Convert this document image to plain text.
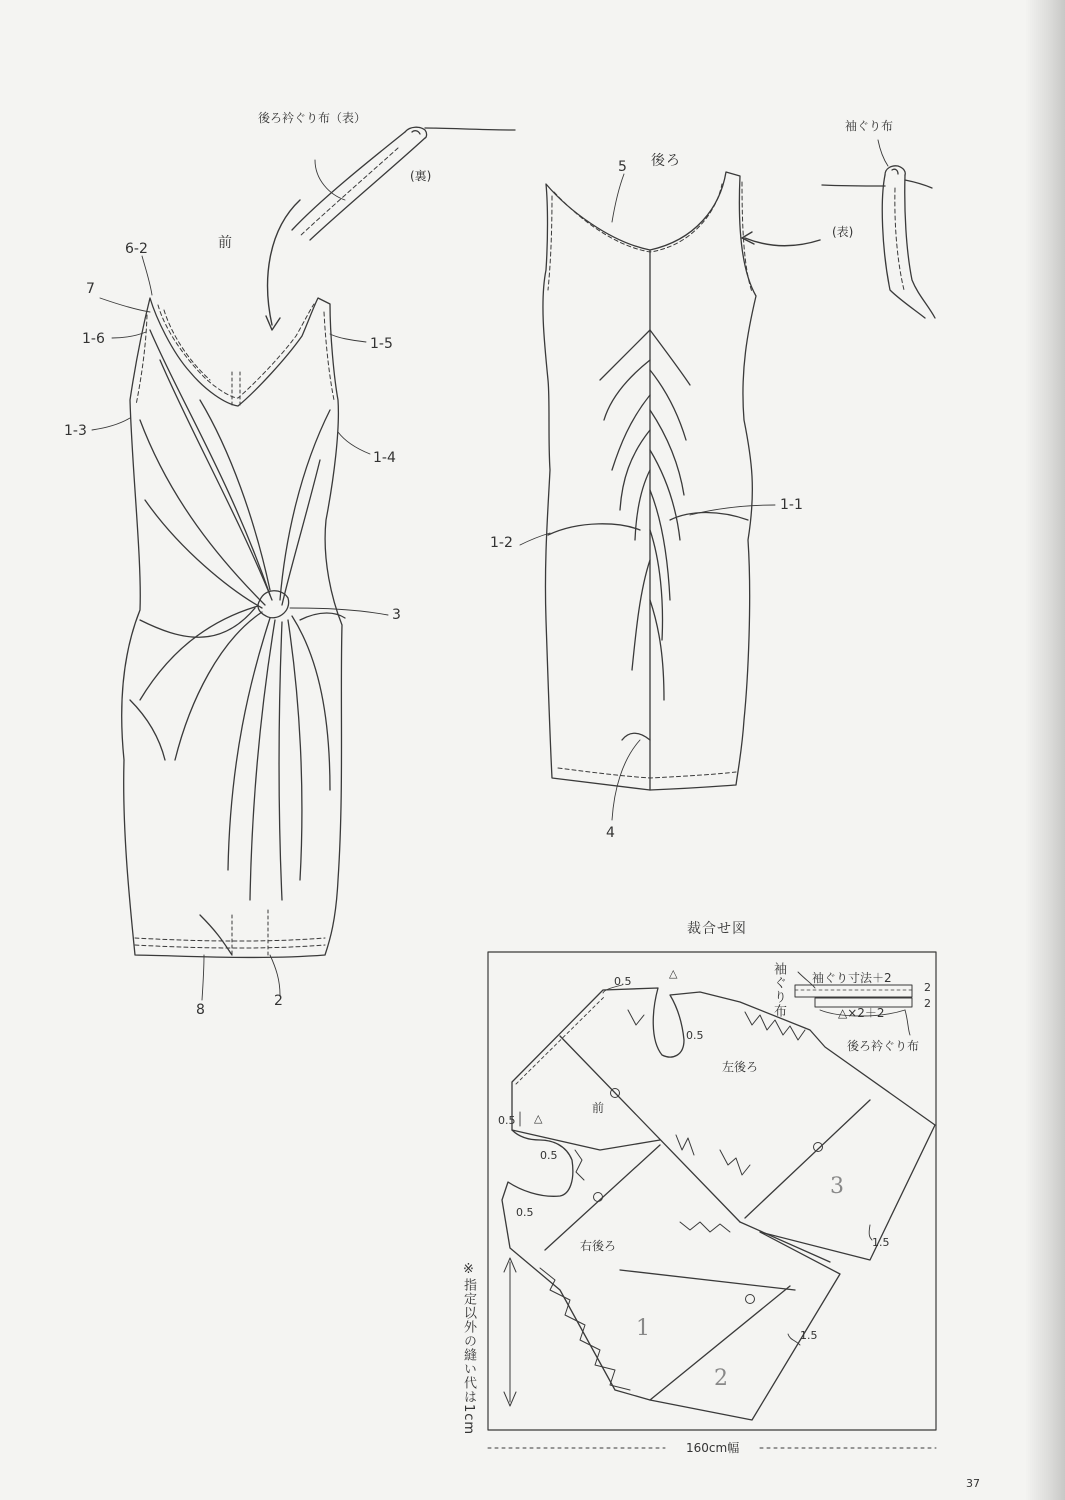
後ろ衿ぐり布（表）
(裏)
前
6-2
7
1-6	1-5
1-3
1-4
3
8
2
後ろ
5
袖ぐり布
(表)
1-1
1-2
4
裁合せ図
袖ぐり布 袖ぐり寸法＋2
2
2
△×2＋2
後ろ衿ぐり布
0.5
0.5
0.5
0.5
0.5
1.5
1.5
左後ろ
前
右後ろ
3
1
2
△
△
※指定以外の縫い代は1cm
160cm幅
37
